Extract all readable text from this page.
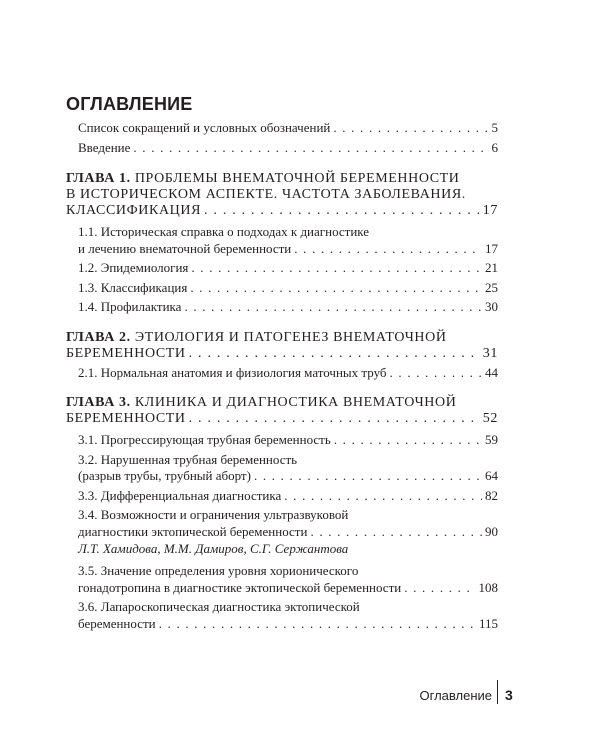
ОГЛАВЛЕНИЕ
Список сокращений и условных обозначений . . .	5
Введение . . .	6
ГЛАВА 1. ПРОБЛЕМЫ ВНЕМАТОЧНОЙ БЕРЕМЕННОСТИ
В ИСТОРИЧЕСКОМ АСПЕКТЕ. ЧАСТОТА ЗАБОЛЕВАНИЯ.
КЛАССИФИКАЦИЯ . . .	17
1.1. Историческая справка о подходах к диагностике
и лечению внематочной беременности . . .	17
1.2. Эпидемиология . . .	21
1.3. Классификация . . .	25
1.4. Профилактика . . .	30
ГЛАВА 2. ЭТИОЛОГИЯ И ПАТОГЕНЕЗ ВНЕМАТОЧНОЙ
БЕРЕМЕННОСТИ . . .	31
2.1. Нормальная анатомия и физиология маточных труб . . .	44
ГЛАВА 3. КЛИНИКА И ДИАГНОСТИКА ВНЕМАТОЧНОЙ
БЕРЕМЕННОСТИ . . .	52
3.1. Прогрессирующая трубная беременность . . .	59
3.2. Нарушенная трубная беременность
(разрыв трубы, трубный аборт) . . .	64
3.3. Дифференциальная диагностика . . .	82
3.4. Возможности и ограничения ультразвуковой
диагностики эктопической беременности . . .	90
Л.Т. Хамидова, М.М. Дамиров, С.Г. Сержантова
3.5. Значение определения уровня хорионического
гонадотропина в диагностике эктопической беременности . . .	108
3.6. Лапароскопическая диагностика эктопической
беременности . . .	115
Оглавление 3
